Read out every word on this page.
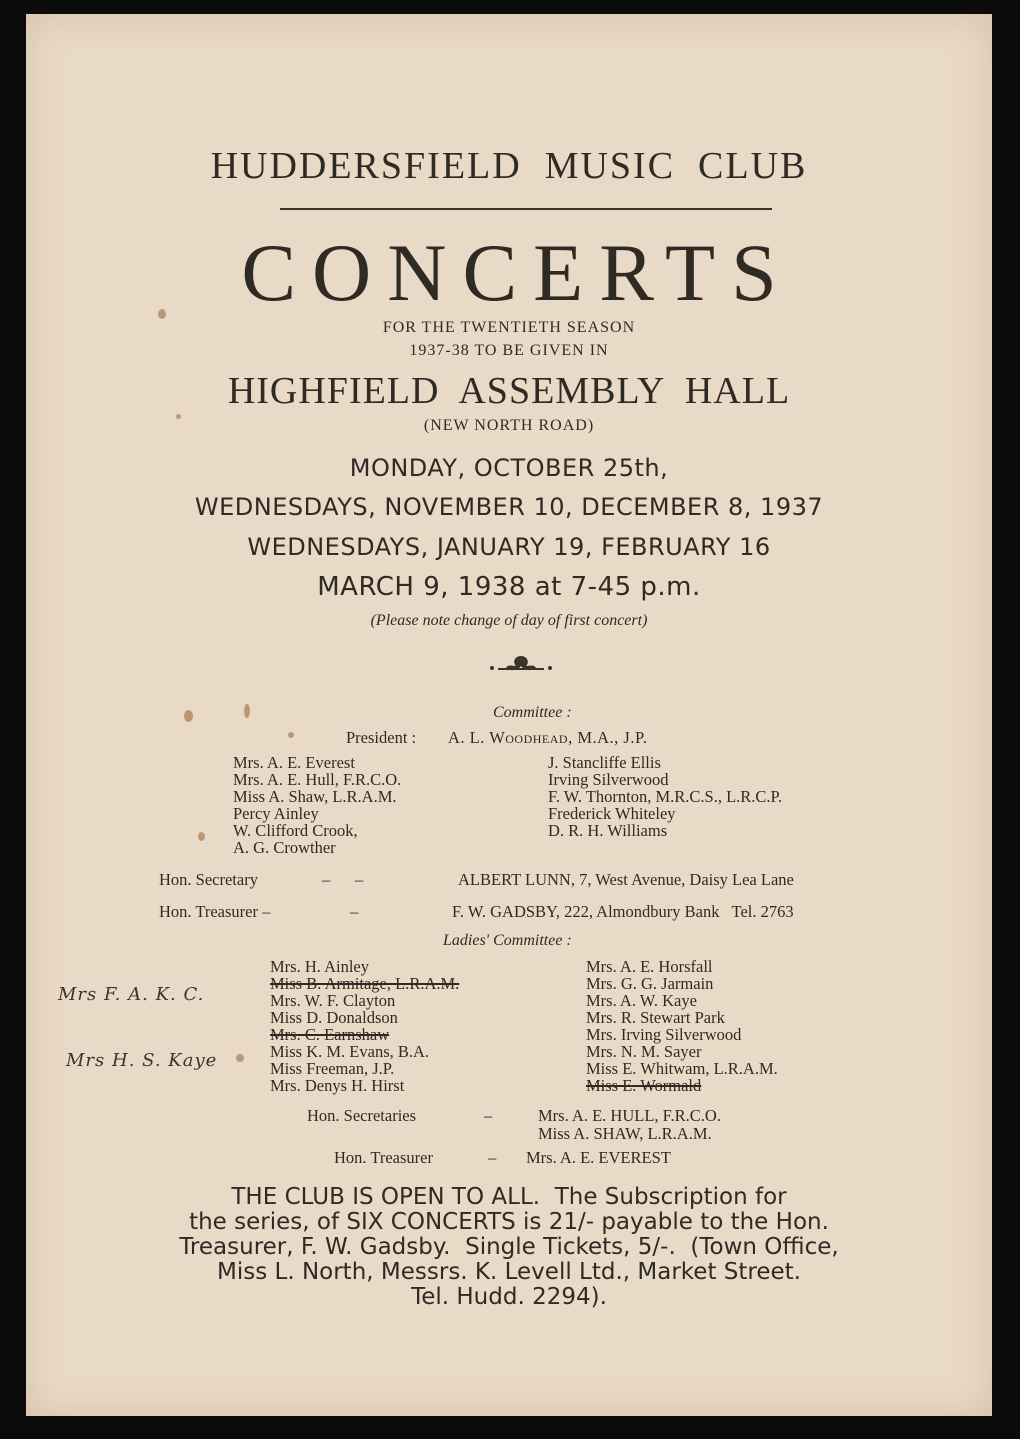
HUDDERSFIELD  MUSIC  CLUB
CONCERTS
FOR THE TWENTIETH SEASON
1937-38 TO BE GIVEN IN
HIGHFIELD  ASSEMBLY  HALL
(NEW NORTH ROAD)
MONDAY, OCTOBER 25th,
WEDNESDAYS, NOVEMBER 10, DECEMBER 8, 1937
WEDNESDAYS, JANUARY 19, FEBRUARY 16
MARCH 9, 1938 at 7-45 p.m.
(Please note change of day of first concert)
Committee :
President : A. L. Woodhead, M.A., J.P.
Mrs. A. E. Everest
Mrs. A. E. Hull, F.R.C.O.
Miss A. Shaw, L.R.A.M.
Percy Ainley
W. Clifford Crook,
A. G. Crowther
J. Stancliffe Ellis
Irving Silverwood
F. W. Thornton, M.R.C.S., L.R.C.P.
Frederick Whiteley
D. R. H. Williams
Hon. Secretary	–      –	ALBERT LUNN, 7, West Avenue, Daisy Lea Lane
Hon. Treasurer –	–	F. W. GADSBY, 222, Almondbury Bank   Tel. 2763
Ladies' Committee :
Mrs. H. Ainley
Miss B. Armitage, L.R.A.M.
Mrs. W. F. Clayton
Miss D. Donaldson
Mrs. C. Earnshaw
Miss K. M. Evans, B.A.
Miss Freeman, J.P.
Mrs. Denys H. Hirst
Mrs. A. E. Horsfall
Mrs. G. G. Jarmain
Mrs. A. W. Kaye
Mrs. R. Stewart Park
Mrs. Irving Silverwood
Mrs. N. M. Sayer
Miss E. Whitwam, L.R.A.M.
Miss E. Wormald
Mrs F. A. K. C.
Mrs H. S. Kaye
Hon. Secretaries	–	Mrs. A. E. HULL, F.R.C.O.
Miss A. SHAW, L.R.A.M.
Hon. Treasurer	– Mrs. A. E. EVEREST
THE CLUB IS OPEN TO ALL.  The Subscription for
the series, of SIX CONCERTS is 21/- payable to the Hon.
Treasurer, F. W. Gadsby.  Single Tickets, 5/-.  (Town Office,
Miss L. North, Messrs. K. Levell Ltd., Market Street.
Tel. Hudd. 2294).
